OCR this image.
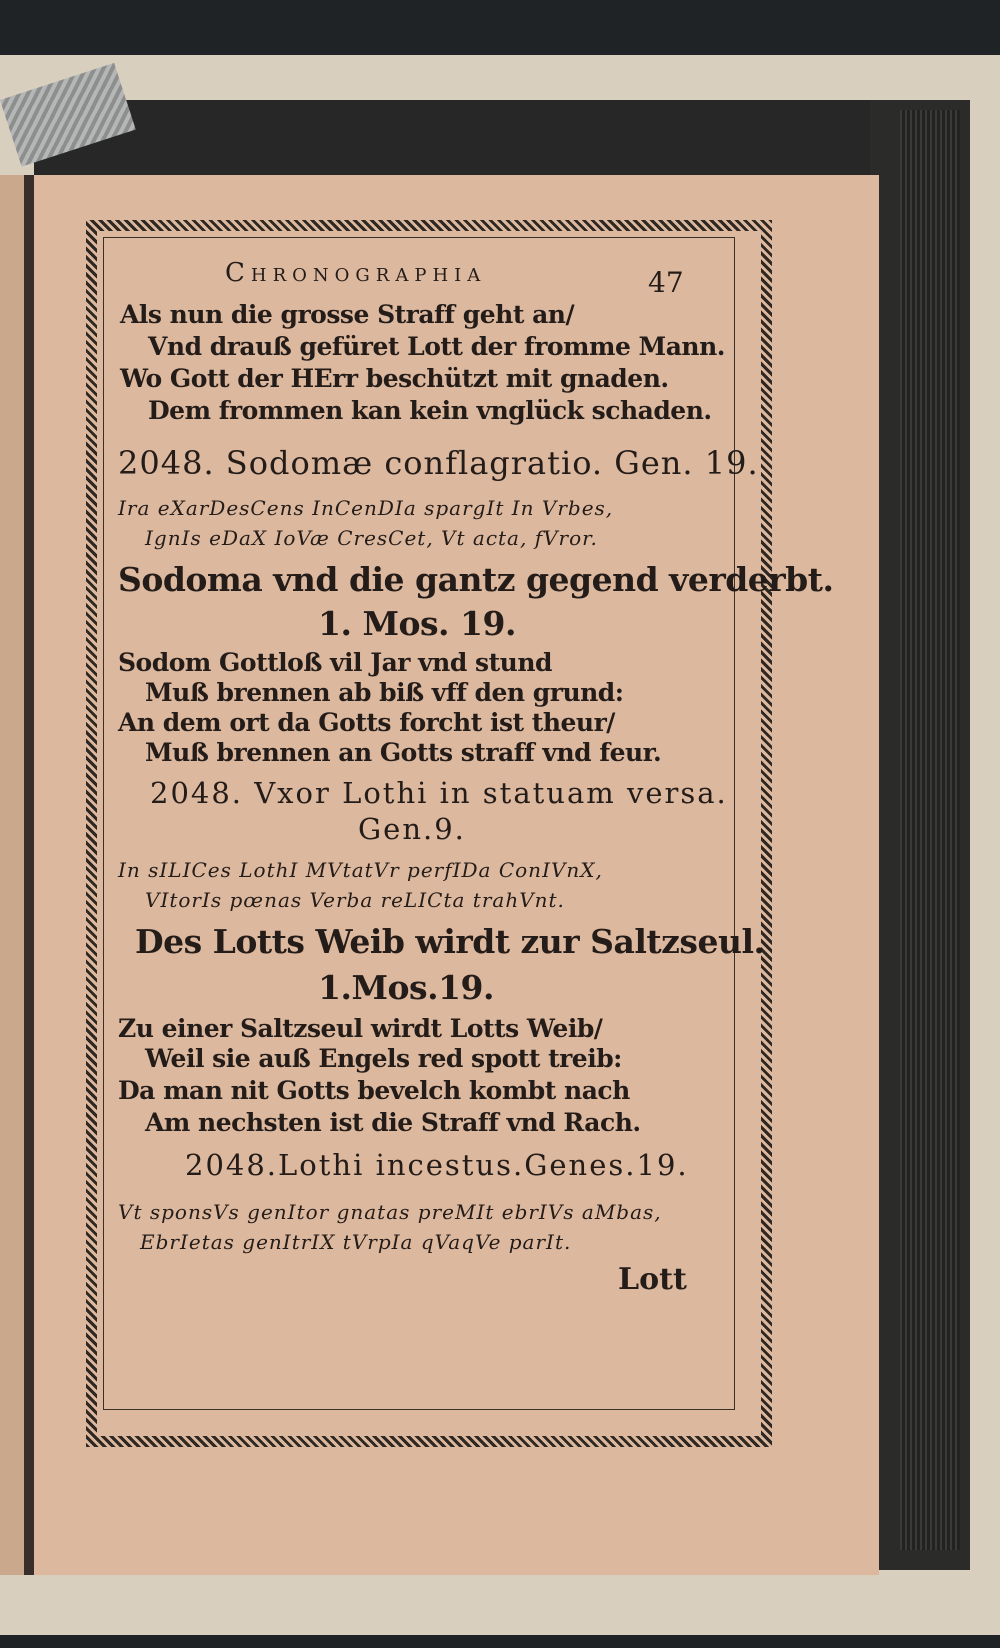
Chronographia	47
Als nun die grosse Straff geht an/
Vnd drauß gefüret Lott der fromme Mann.
Wo Gott der HErr beschützt mit gnaden.
Dem frommen kan kein vnglück schaden.
2048. Sodomæ conflagratio. Gen. 19.
Ira eXarDesCens InCenDIa spargIt In Vrbes,
IgnIs eDaX IoVæ CresCet, Vt acta, fVror.
Sodoma vnd die gantz gegend verderbt.
1. Mos. 19.
Sodom Gottloß vil Jar vnd stund
Muß brennen ab biß vff den grund:
An dem ort da Gotts forcht ist theur/
Muß brennen an Gotts straff vnd feur.
2048. Vxor Lothi in statuam versa.
Gen.9.
In sILICes LothI MVtatVr perfIDa ConIVnX,
VItorIs pœnas Verba reLICta trahVnt.
Des Lotts Weib wirdt zur Saltzseul.
1.Mos.19.
Zu einer Saltzseul wirdt Lotts Weib/
Weil sie auß Engels red spott treib:
Da man nit Gotts bevelch kombt nach
Am nechsten ist die Straff vnd Rach.
2048.Lothi incestus.Genes.19.
Vt sponsVs genItor gnatas preMIt ebrIVs aMbas,
EbrIetas genItrIX tVrpIa qVaqVe parIt.
Lott
